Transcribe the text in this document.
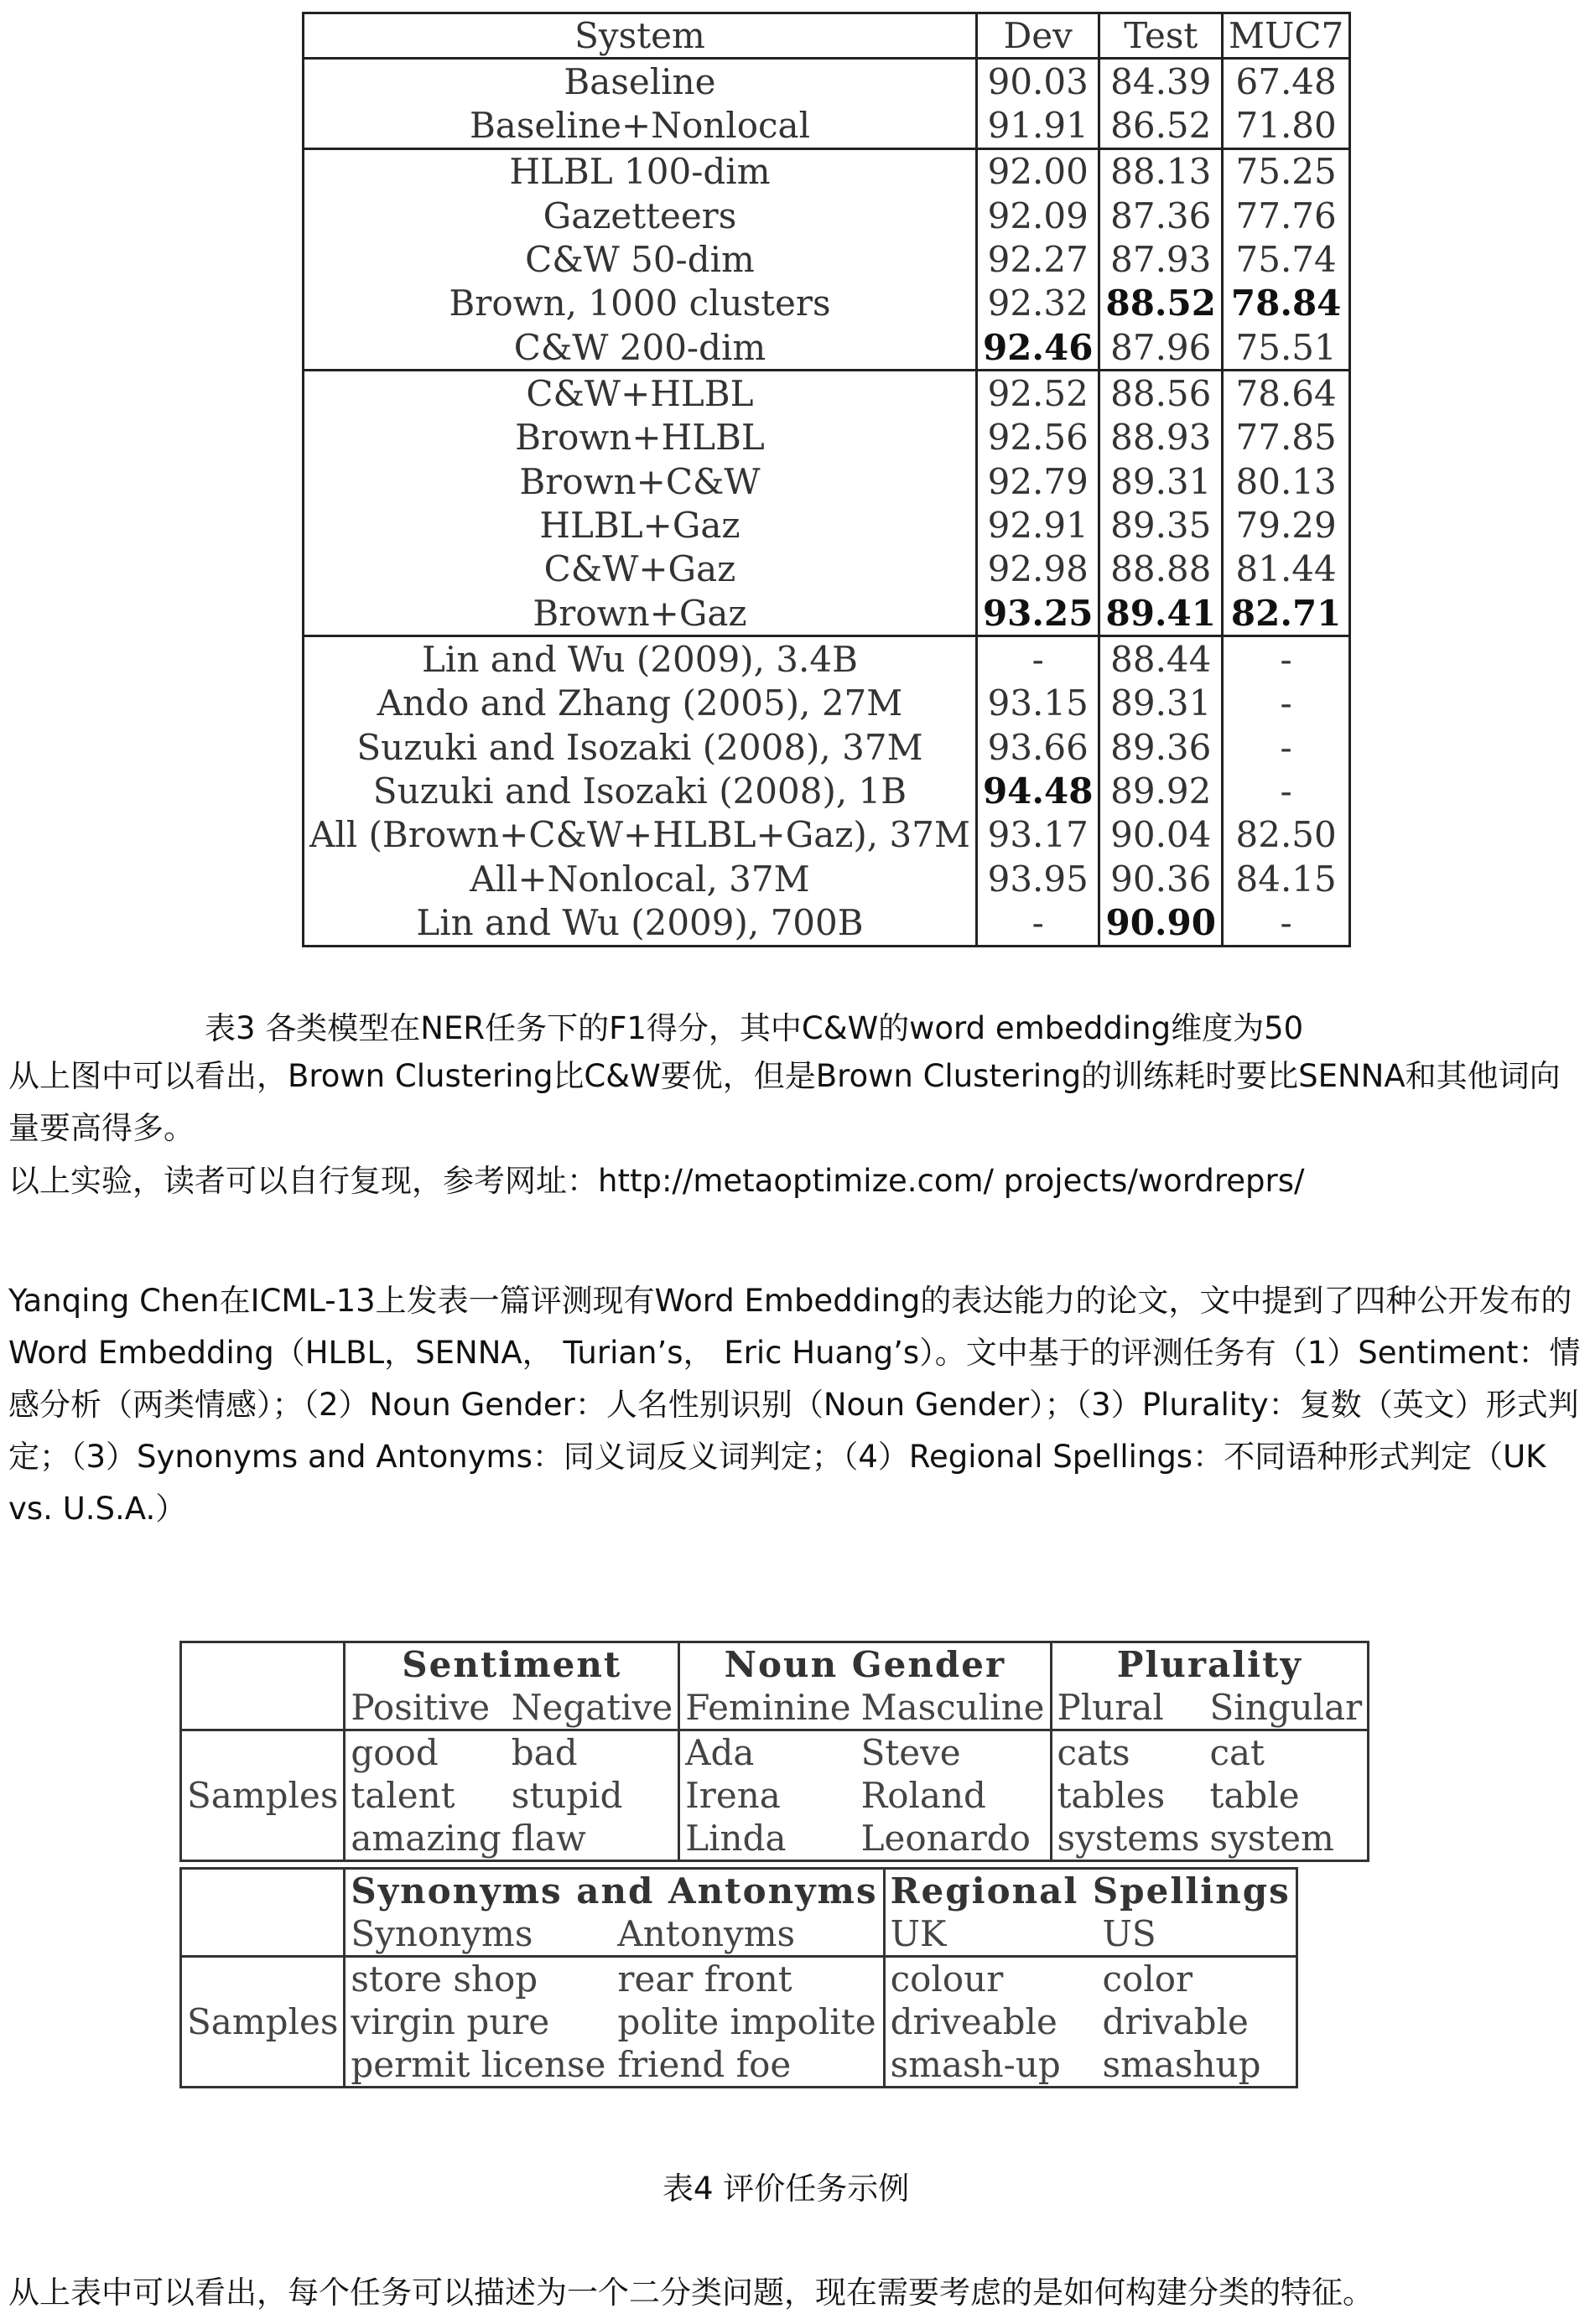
System	Dev	Test	MUC7
Baseline	90.03	84.39	67.48
Baseline+Nonlocal	91.91	86.52	71.80
HLBL 100-dim	92.00	88.13	75.25
Gazetteers	92.09	87.36	77.76
C&W 50-dim	92.27	87.93	75.74
Brown, 1000 clusters	92.32	88.52	78.84
C&W 200-dim	92.46	87.96	75.51
C&W+HLBL	92.52	88.56	78.64
Brown+HLBL	92.56	88.93	77.85
Brown+C&W	92.79	89.31	80.13
HLBL+Gaz	92.91	89.35	79.29
C&W+Gaz	92.98	88.88	81.44
Brown+Gaz	93.25	89.41	82.71
Lin and Wu (2009), 3.4B	-	88.44	-
Ando and Zhang (2005), 27M	93.15	89.31	-
Suzuki and Isozaki (2008), 37M	93.66	89.36	-
Suzuki and Isozaki (2008), 1B	94.48	89.92	-
All (Brown+C&W+HLBL+Gaz), 37M	93.17	90.04	82.50
All+Nonlocal, 37M	93.95	90.36	84.15
Lin and Wu (2009), 700B	-	90.90	-
表3 各类模型在NER任务下的F1得分，其中C&W的word embedding维度为50
从上图中可以看出，Brown Clustering比C&W要优，但是Brown Clustering的训练耗时要比SENNA和其他词向量要高得多。
以上实验，读者可以自行复现，参考网址：http://metaoptimize.com/ projects/wordreprs/
Yanqing Chen在ICML-13上发表一篇评测现有Word Embedding的表达能力的论文，文中提到了四种公开发布的Word Embedding（HLBL，SENNA， Turian’s， Eric Huang’s）。文中基于的评测任务有（1）Sentiment：情感分析（两类情感）；（2）Noun Gender：人名性别识别（Noun Gender）；（3）Plurality：复数（英文）形式判定；（3）Synonyms and Antonyms：同义词反义词判定；（4）Regional Spellings：不同语种形式判定（UK vs. U.S.A.）
	Sentiment		Noun Gender		Plurality	
	Positive	Negative	Feminine	Masculine	Plural	Singular
Samples	good	bad	Ada	Steve	cats	cat
	talent	stupid	Irena	Roland	tables	table
	amazing	flaw	Linda	Leonardo	systems	system
	Synonyms and Antonyms		Regional Spellings	
	Synonyms	Antonyms	UK	US
Samples	store shop	rear front	colour	color
	virgin pure	polite impolite	driveable	drivable
	permit license	friend foe	smash-up	smashup
表4 评价任务示例
从上表中可以看出，每个任务可以描述为一个二分类问题，现在需要考虑的是如何构建分类的特征。
